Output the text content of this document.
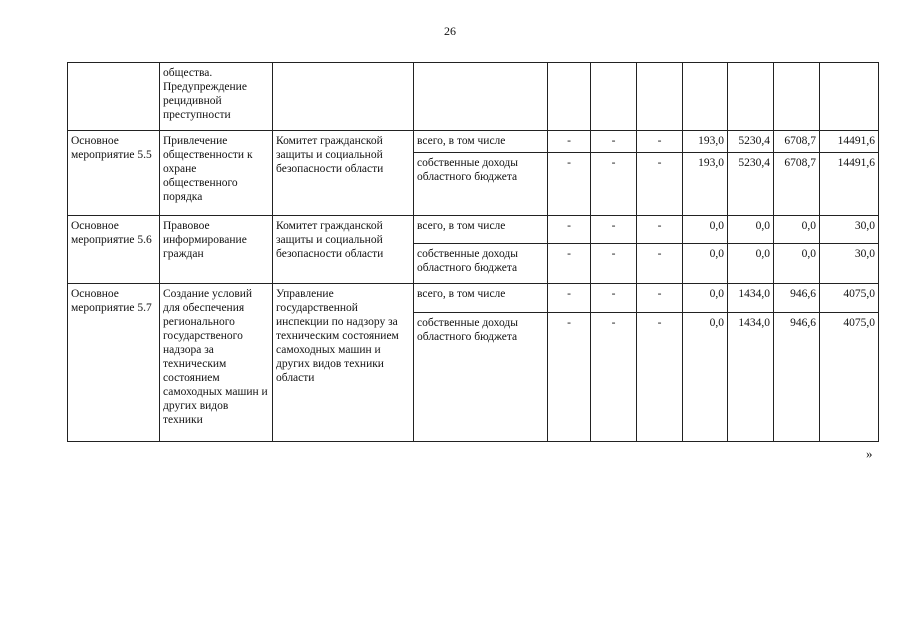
26
	общества. Предупреждение рецидивной преступности									
Основное мероприятие 5.5	Привлечение общественности к охране общественного порядка	Комитет гражданской защиты и социальной безопасности области	всего, в том числе	-	-	-	193,0	5230,4	6708,7	14491,6
			собственные доходы областного бюджета	-	-	-	193,0	5230,4	6708,7	14491,6
Основное мероприятие 5.6	Правовое информирование граждан	Комитет гражданской защиты и социальной безопасности области	всего, в том числе	-	-	-	0,0	0,0	0,0	30,0
			собственные доходы областного бюджета	-	-	-	0,0	0,0	0,0	30,0
Основное мероприятие 5.7	Создание условий для обеспечения регионального государственого надзора за техническим состоянием самоходных машин и других видов техники	Управление государственной инспекции по надзору за техническим состоянием самоходных машин и других видов техники области	всего, в том числе	-	-	-	0,0	1434,0	946,6	4075,0
			собственные доходы областного бюджета	-	-	-	0,0	1434,0	946,6	4075,0
»
